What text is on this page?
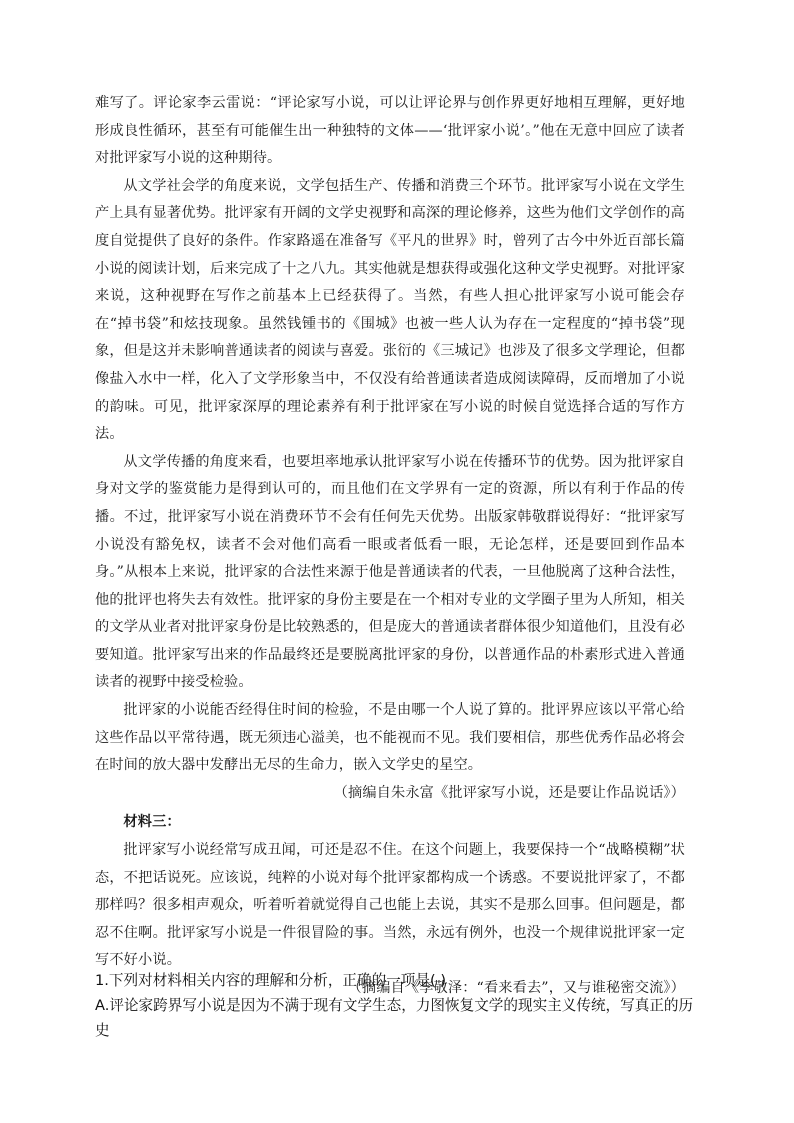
难写了。评论家李云雷说：“评论家写小说，可以让评论界与创作界更好地相互理解，更好地形成良性循环，甚至有可能催生出一种独特的文体——‘批评家小说’。”他在无意中回应了读者对批评家写小说的这种期待。

从文学社会学的角度来说，文学包括生产、传播和消费三个环节。批评家写小说在文学生产上具有显著优势。批评家有开阔的文学史视野和高深的理论修养，这些为他们文学创作的高度自觉提供了良好的条件。作家路遥在准备写《平凡的世界》时，曾列了古今中外近百部长篇小说的阅读计划，后来完成了十之八九。其实他就是想获得或强化这种文学史视野。对批评家来说，这种视野在写作之前基本上已经获得了。当然，有些人担心批评家写小说可能会存在“掉书袋”和炫技现象。虽然钱锺书的《围城》也被一些人认为存在一定程度的“掉书袋”现象，但是这并未影响普通读者的阅读与喜爱。张衍的《三城记》也涉及了很多文学理论，但都像盐入水中一样，化入了文学形象当中，不仅没有给普通读者造成阅读障碍，反而增加了小说的韵味。可见，批评家深厚的理论素养有利于批评家在写小说的时候自觉选择合适的写作方法。

从文学传播的角度来看，也要坦率地承认批评家写小说在传播环节的优势。因为批评家自身对文学的鉴赏能力是得到认可的，而且他们在文学界有一定的资源，所以有利于作品的传播。不过，批评家写小说在消费环节不会有任何先天优势。出版家韩敬群说得好：“批评家写小说没有豁免权，读者不会对他们高看一眼或者低看一眼，无论怎样，还是要回到作品本身。”从根本上来说，批评家的合法性来源于他是普通读者的代表，一旦他脱离了这种合法性，他的批评也将失去有效性。批评家的身份主要是在一个相对专业的文学圈子里为人所知，相关的文学从业者对批评家身份是比较熟悉的，但是庞大的普通读者群体很少知道他们，且没有必要知道。批评家写出来的作品最终还是要脱离批评家的身份，以普通作品的朴素形式进入普通读者的视野中接受检验。

批评家的小说能否经得住时间的检验，不是由哪一个人说了算的。批评界应该以平常心给这些作品以平常待遇，既无须违心溢美，也不能视而不见。我们要相信，那些优秀作品必将会在时间的放大器中发酵出无尽的生命力，嵌入文学史的星空。

（摘编自朱永富《批评家写小说，还是要让作品说话》）

材料三：

批评家写小说经常写成丑闻，可还是忍不住。在这个问题上，我要保持一个“战略模糊”状态，不把话说死。应该说，纯粹的小说对每个批评家都构成一个诱惑。不要说批评家了，不都那样吗？很多相声观众，听着听着就觉得自己也能上去说，其实不是那么回事。但问题是，都忍不住啊。批评家写小说是一件很冒险的事。当然，永远有例外，也没一个规律说批评家一定写不好小说。

（摘编自《李敬泽：“看来看去”，又与谁秘密交流》）

1.下列对材料相关内容的理解和分析，正确的一项是( )

A.评论家跨界写小说是因为不满于现有文学生态，力图恢复文学的现实主义传统，写真正的历史
